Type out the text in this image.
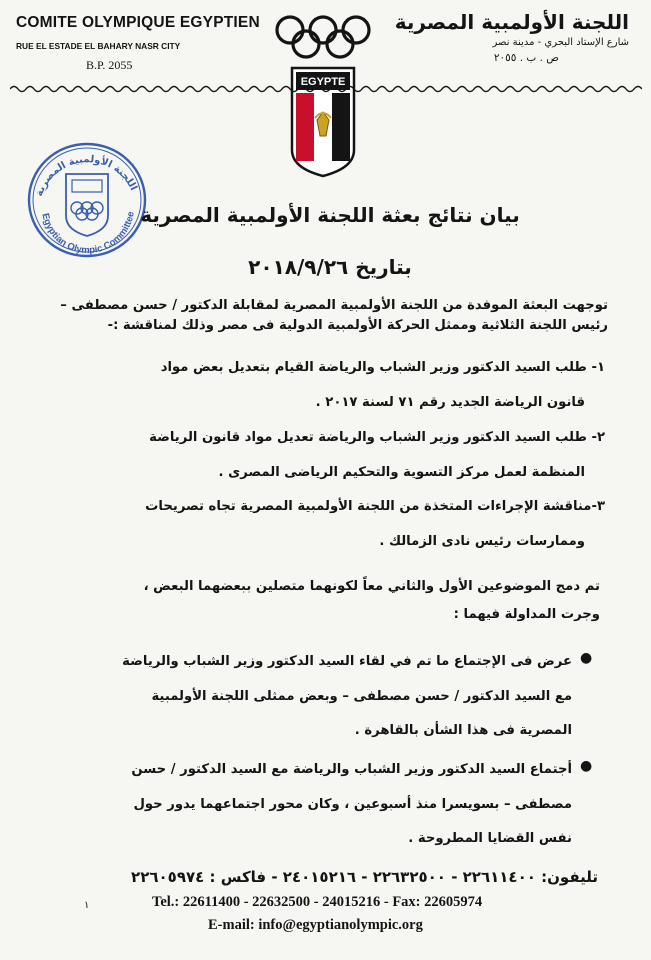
COMITE OLYMPIQUE EGYPTIEN
RUE EL ESTADE EL BAHARY NASR CITY
B.P. 2055
اللجنة الأولمبية المصرية
شارع الإستاد البحري - مدينة نصر
ص . ب . ٢٠٥٥
EGYPTE
اللجنة الأولمبية المصرية
Egyptian Olympic Committee بيان نتائج بعثة اللجنة الأولمبية المصرية
بتاريخ ٢٠١٨/٩/٢٦
توجهت البعثة الموفدة من اللجنة الأولمبية المصرية لمقابلة الدكتور / حسن مصطفى –
رئيس اللجنة الثلاثية وممثل الحركة الأولمبية الدولية فى مصر وذلك لمناقشة :-
١- طلب السيد الدكتور وزير الشباب والرياضة القيام بتعديل بعض مواد
قانون الرياضة الجديد رقم ٧١ لسنة ٢٠١٧ .
٢- طلب السيد الدكتور وزير الشباب والرياضة تعديل مواد قانون الرياضة
المنظمة لعمل مركز التسوية والتحكيم الرياضى المصرى .
٣-مناقشة الإجراءات المتخذة من اللجنة الأولمبية المصرية تجاه تصريحات
وممارسات رئيس نادى الزمالك .
تم دمج الموضوعين الأول والثاني معاً لكونهما متصلين ببعضهما البعض ،
وجرت المداولة فيهما :
●
عرض فى الإجتماع ما تم في لقاء السيد الدكتور وزير الشباب والرياضة
مع السيد الدكتور / حسن مصطفى – وبعض ممثلى اللجنة الأولمبية
المصرية فى هذا الشأن بالقاهرة .
●
أجتماع السيد الدكتور وزير الشباب والرياضة مع السيد الدكتور / حسن
مصطفى – بسويسرا منذ أسبوعين ، وكان محور اجتماعهما يدور حول
نفس القضايا المطروحة .
تليفون: ٢٢٦١١٤٠٠ - ٢٢٦٣٢٥٠٠ - ٢٤٠١٥٢١٦ - فاكس : ٢٢٦٠٥٩٧٤
١	Tel.: 22611400 - 22632500 - 24015216 - Fax: 22605974
E-mail: info@egyptianolympic.org
